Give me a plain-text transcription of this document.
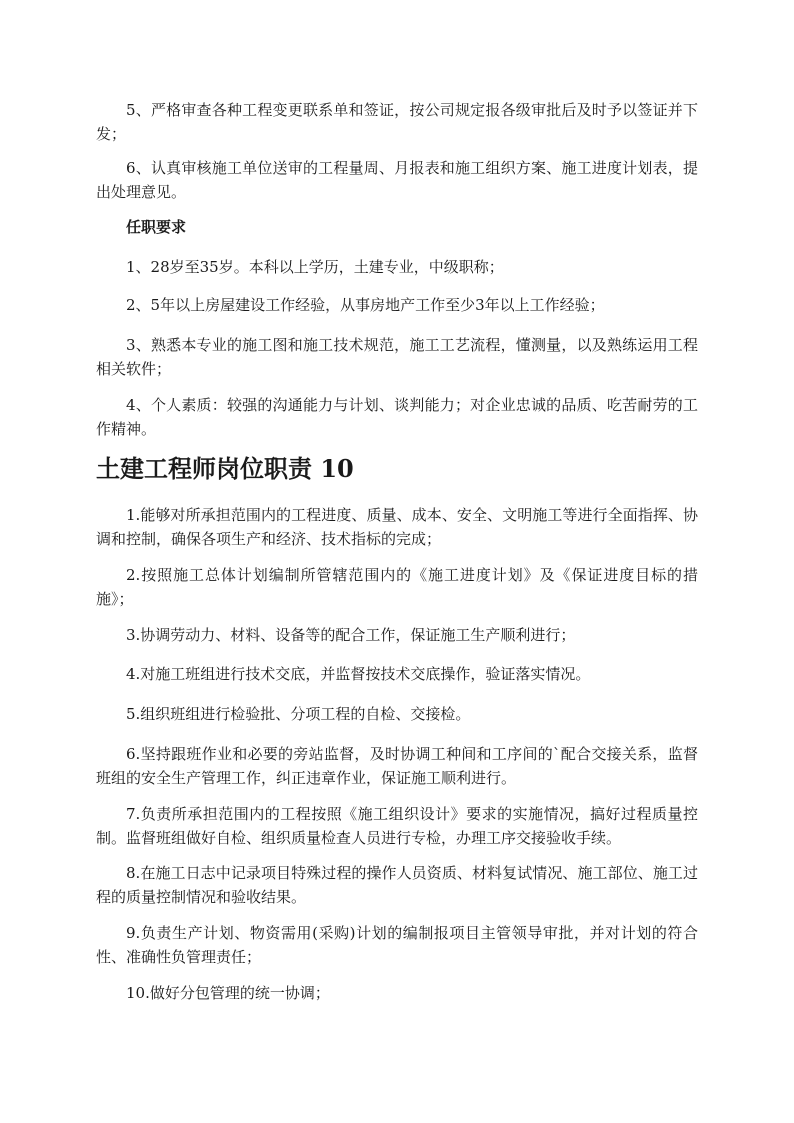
5、严格审查各种工程变更联系单和签证，按公司规定报各级审批后及时予以签证并下发；

6、认真审核施工单位送审的工程量周、月报表和施工组织方案、施工进度计划表，提出处理意见。

任职要求

1、28岁至35岁。本科以上学历，土建专业，中级职称；

2、5年以上房屋建设工作经验，从事房地产工作至少3年以上工作经验；

3、熟悉本专业的施工图和施工技术规范，施工工艺流程，懂测量，以及熟练运用工程相关软件；

4、个人素质：较强的沟通能力与计划、谈判能力；对企业忠诚的品质、吃苦耐劳的工作精神。

土建工程师岗位职责 10

1.能够对所承担范围内的工程进度、质量、成本、安全、文明施工等进行全面指挥、协调和控制，确保各项生产和经济、技术指标的完成；

2.按照施工总体计划编制所管辖范围内的《施工进度计划》及《保证进度目标的措施》；

3.协调劳动力、材料、设备等的配合工作，保证施工生产顺利进行；

4.对施工班组进行技术交底，并监督按技术交底操作，验证落实情况。

5.组织班组进行检验批、分项工程的自检、交接检。

6.坚持跟班作业和必要的旁站监督，及时协调工种间和工序间的`配合交接关系，监督班组的安全生产管理工作，纠正违章作业，保证施工顺利进行。

7.负责所承担范围内的工程按照《施工组织设计》要求的实施情况，搞好过程质量控制。监督班组做好自检、组织质量检查人员进行专检，办理工序交接验收手续。

8.在施工日志中记录项目特殊过程的操作人员资质、材料复试情况、施工部位、施工过程的质量控制情况和验收结果。

9.负责生产计划、物资需用(采购)计划的编制报项目主管领导审批，并对计划的符合性、准确性负管理责任；

10.做好分包管理的统一协调；
